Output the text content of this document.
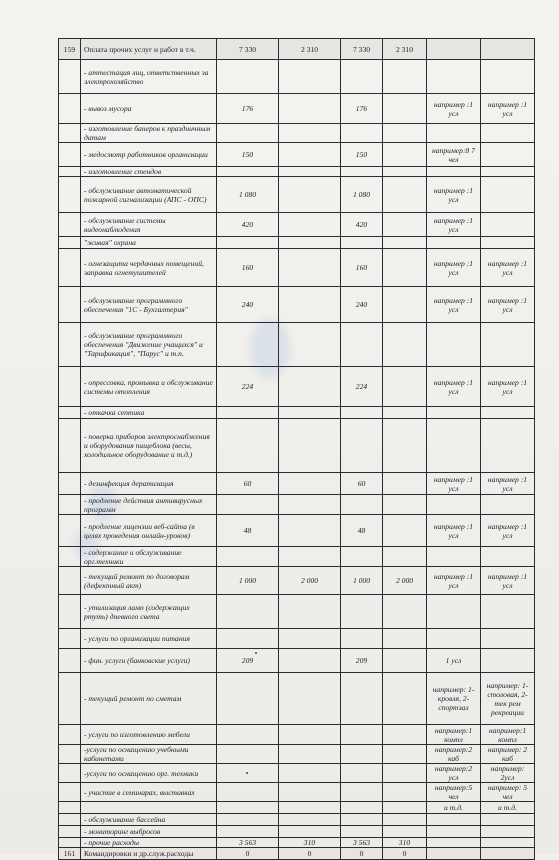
159	Оплата прочих услуг и работ в т.ч.	7 330	2 310	7 330	2 310		
	- аттестация лиц, ответственных за электрохозяйство						
	- вывоз мусора	176		176		например :1 усл	например :1 усл
	- изготовление банеров к праздничным датам						
	- медосмотр работников организации	150		150		например:8 7 чел	
	- изготовление стендов						
	- обслуживание автоматической пожарной сигнализации (АПС - ОПС)	1 080		1 080		например :1 усл	
	- обслуживание системы видеонаблюдения	420		420		например :1 усл	
	"живая" охрана						
	- огнезащита чердачных помещений, заправка огнетушителей	160		160		например :1 усл	например :1 усл
	- обслуживание программного обеспечения "1С - Бухгалтерия"	240		240		например :1 усл	например :1 усл
	- обслуживание программного обеспечения "Движение учащихся" и "Тарификация", "Парус" и т.п.						
	- опрессовка, промывка и обслуживание системы отопления	224		224		например :1 усл	например :1 усл
	- откачка септика						
	- поверка приборов электроснабжения и оборудования пищеблока (весы, холодильное оборудование и т.д.)						
	- дезинфекция дератизация	60		60		например :1 усл	например :1 усл
	- продление действия антивирусных программ						
	- продление лицензии веб-сайта (в целях проведения онлайн-уроков)	48		48		например :1 усл	например :1 усл
	- содержание и обслуживание орг.техники						
	- текущий ремонт по договорам (дефектный акт)	1 000	2 000	1 000	2 000	например :1 усл	например :1 усл
	- утилизация ламп (содержащих ртуть) дневного света						
	- услуги по организации питания						
	- фин. услуги (банковские услуги)	209		209		1 усл	
	- текущий ремонт по сметам					например: 1- кровля, 2- спортзал	например: 1-столовая, 2- тек рем рекреации
	- услуги по изготовлению мебели					например:1 компл	например:1 компл
	-услуги по оснащению учебными кабинетами					например:2 каб	например: 2 каб
	-услуги по оснащению орг. техники					например:2 усл	например: 2усл
	- участие в семинарах, выставках					например:5 чел	например: 5 чел
						и т.д.	и т.д.
	- обслуживание бассейна						
	- мониторинг выбросов						
	- прочие расходы	3 563	310	3 563	310		
161	Командировки и др.служ.расходы	0	0	0	0		
